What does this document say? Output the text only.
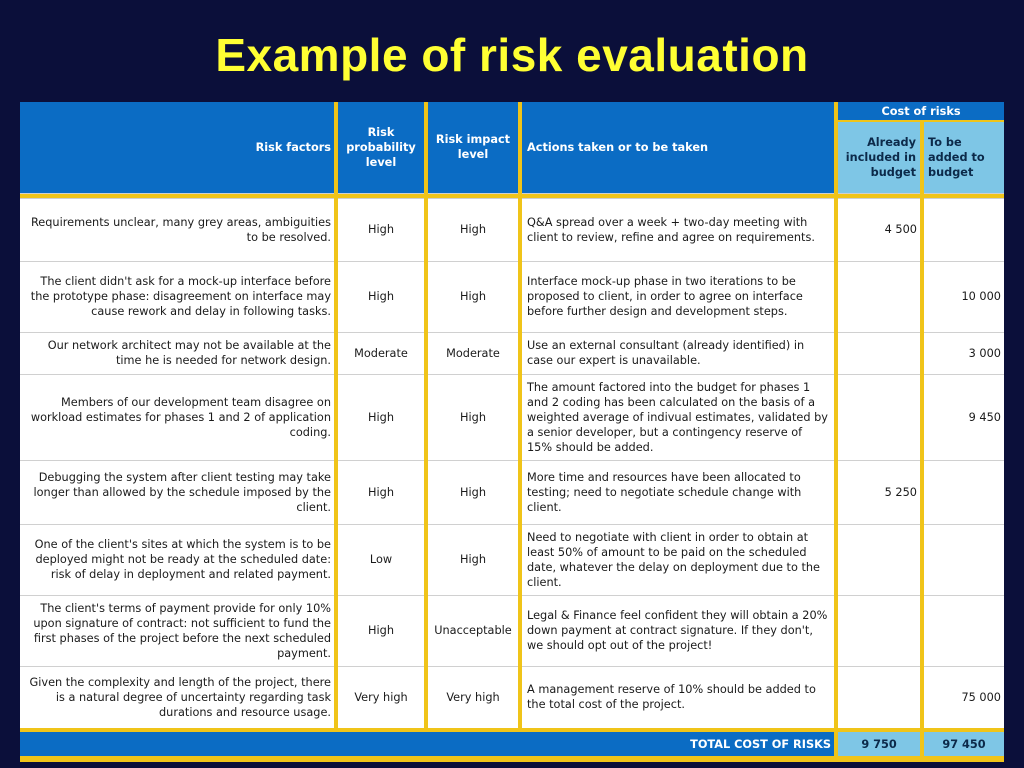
Example of risk evaluation
Risk factors	Risk probability level	Risk impact level	Actions taken or to be taken	Cost of risks	
				Already included in budget	To be added to budget

Requirements unclear, many grey areas, ambiguities to be resolved.	High	High	Q&A spread over a week + two-day meeting with client to review, refine and agree on requirements.	4 500	
The client didn't ask for a mock-up interface before the prototype phase: disagreement on interface may cause rework and delay in following tasks.	High	High	Interface mock-up phase in two iterations to be proposed to client, in order to agree on interface before further design and development steps.		10 000
Our network architect may not be available at the time he is needed for network design.	Moderate	Moderate	Use an external consultant (already identified) in case our expert is unavailable.		3 000
Members of our development team disagree on workload estimates for phases 1 and 2 of application coding.	High	High	The amount factored into the budget for phases 1 and 2 coding has been calculated on the basis of a weighted average of indivual estimates, validated by a senior developer, but a contingency reserve of 15% should be added.		9 450
Debugging the system after client testing may take longer than allowed by the schedule imposed by the client.	High	High	More time and resources have been allocated to testing; need to negotiate schedule change with client.	5 250	
One of the client's sites at which the system is to be deployed might not be ready at the scheduled date: risk of delay in deployment and related payment.	Low	High	Need to negotiate with client in order to obtain at least 50% of amount to be paid on the scheduled date, whatever the delay on deployment due to the client.		
The client's terms of payment provide for only 10% upon signature of contract: not sufficient to fund the first phases of the project before the next scheduled payment.	High	Unacceptable	Legal & Finance feel confident they will obtain a 20% down payment at contract signature. If they don't, we should opt out of the project!		
Given the complexity and length of the project, there is a natural degree of uncertainty regarding task durations and resource usage.	Very high	Very high	A management reserve of 10% should be added to the total cost of the project.		75 000
TOTAL COST OF RISKS				9 750	97 450
